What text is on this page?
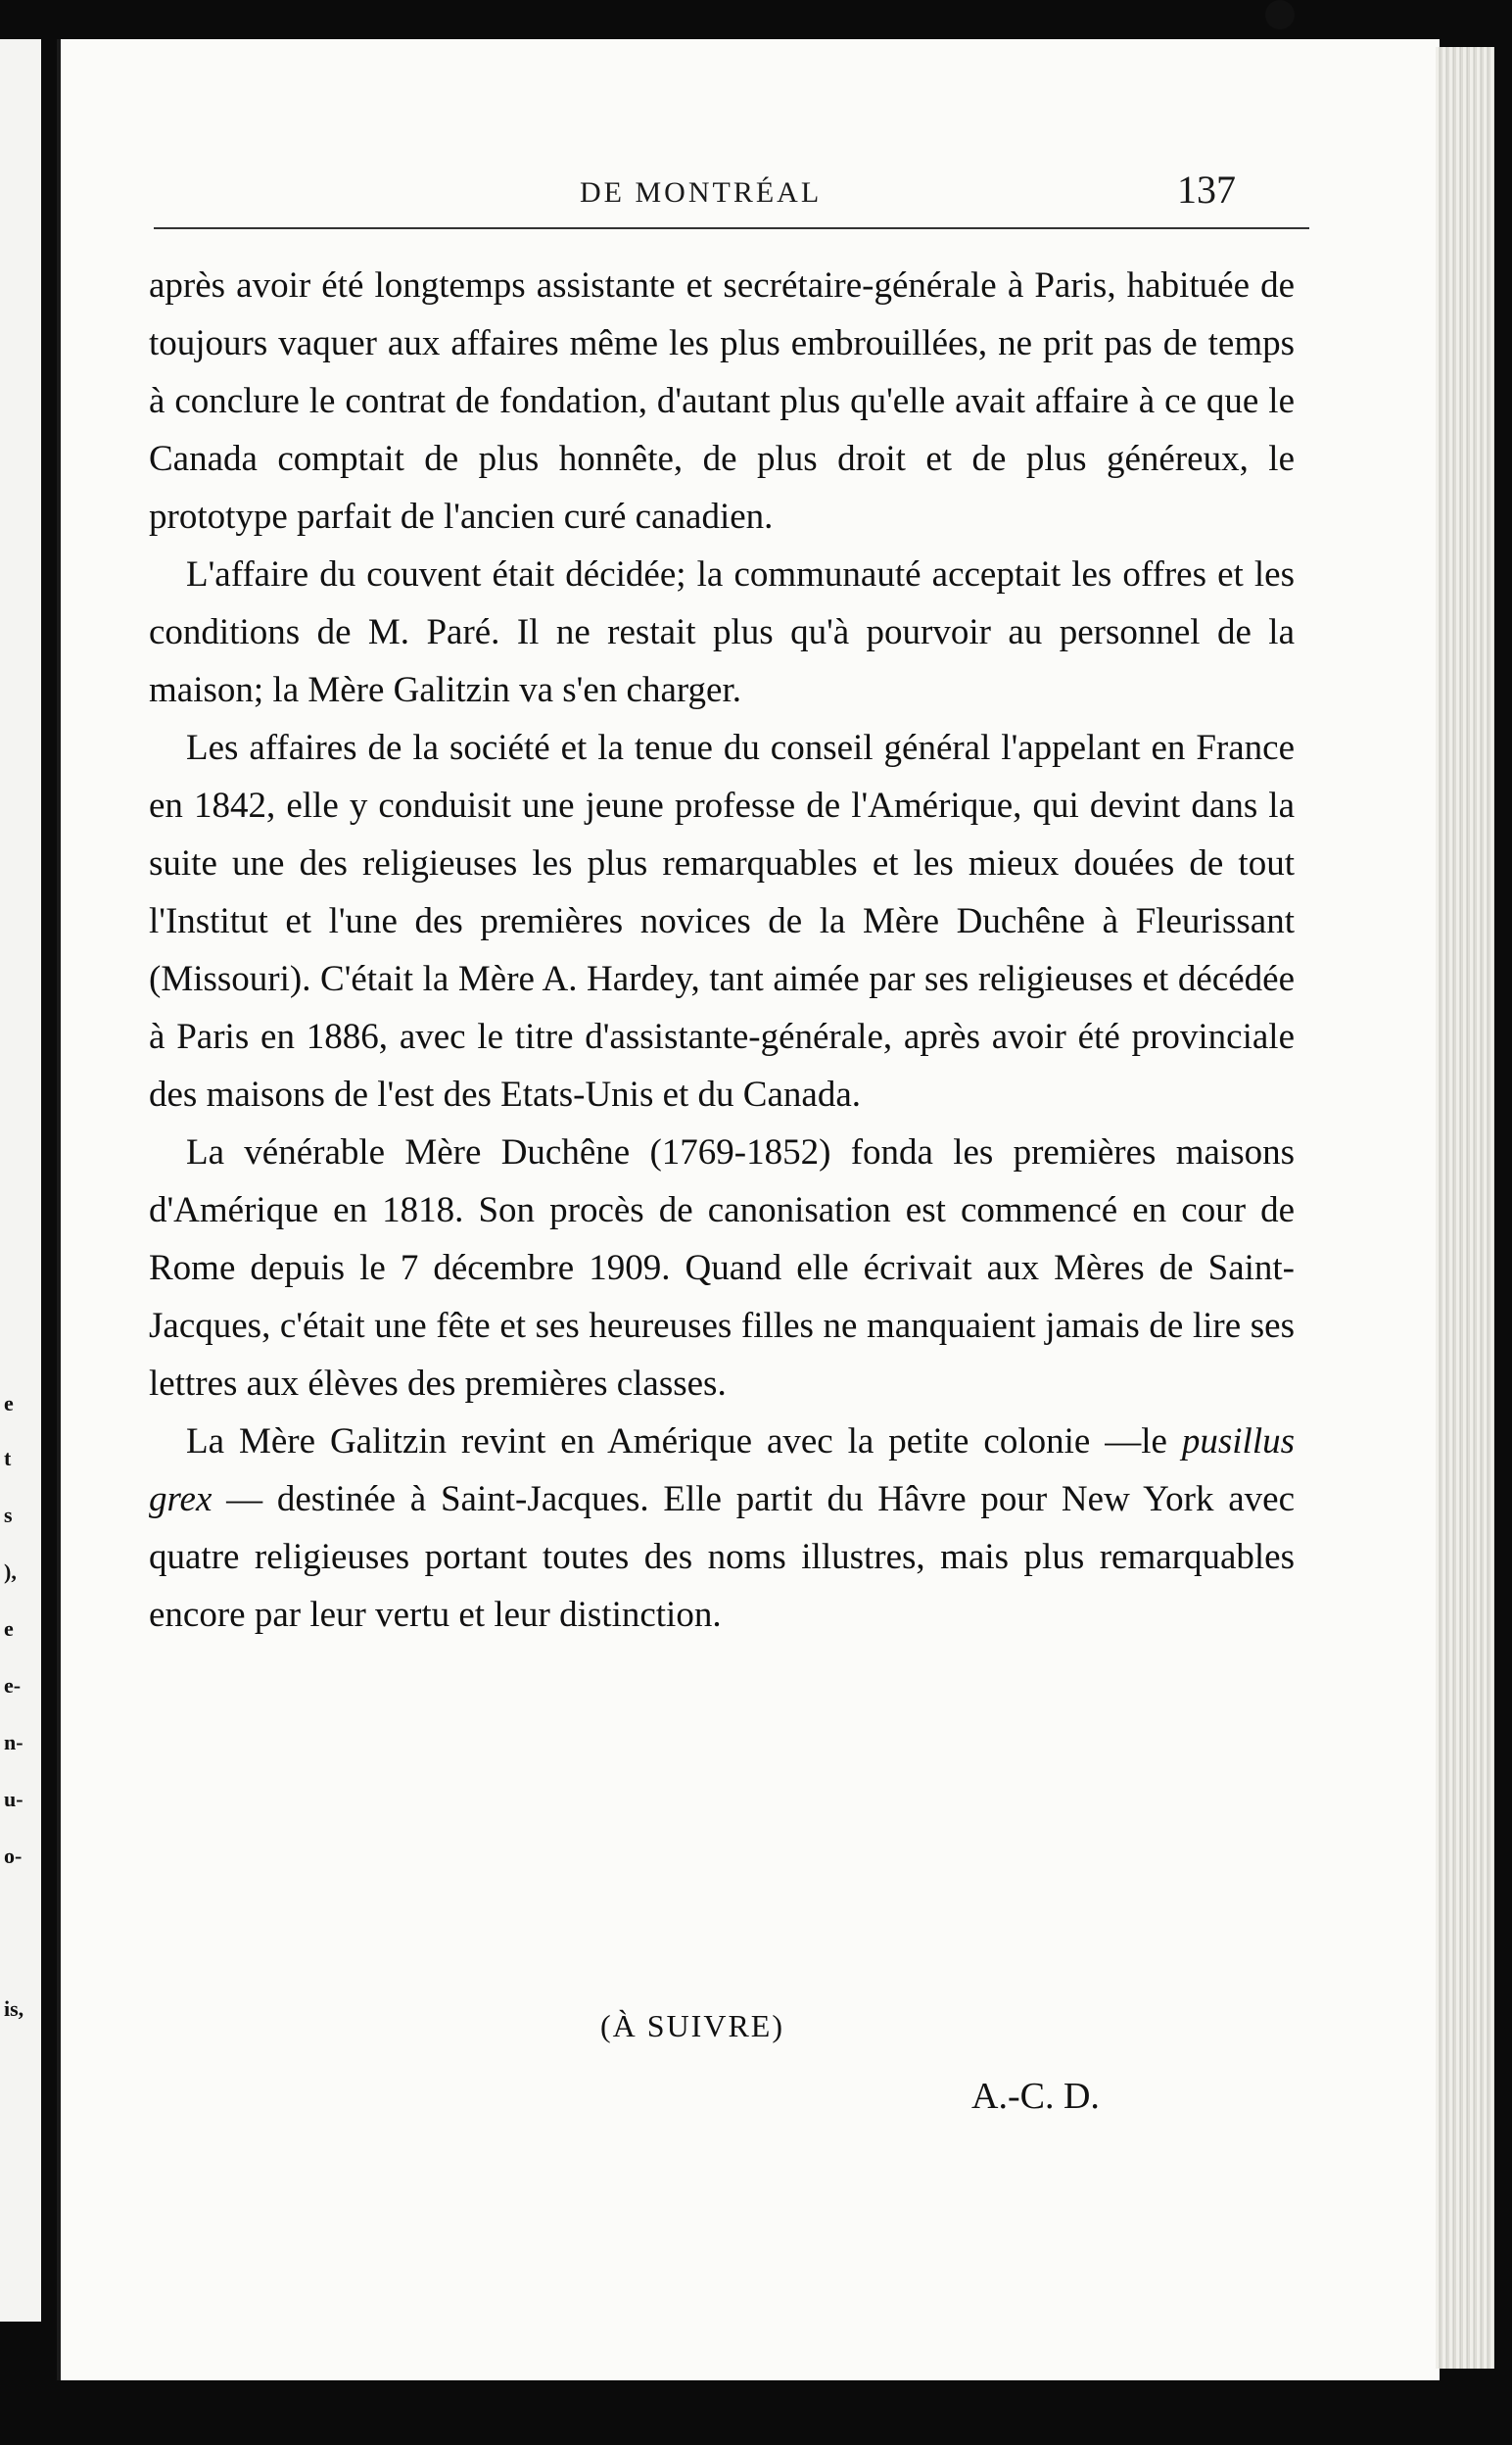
e
t
s
),
e
e-
n-
u-
o-
is,
DE MONTRÉAL	137

après avoir été longtemps assistante et secrétaire-générale à Paris, habituée de toujours vaquer aux affaires même les plus embrouillées, ne prit pas de temps à conclure le contrat de fondation, d'autant plus qu'elle avait affaire à ce que le Canada comptait de plus honnête, de plus droit et de plus généreux, le prototype parfait de l'ancien curé canadien.

L'affaire du couvent était décidée; la communauté acceptait les offres et les conditions de M. Paré. Il ne restait plus qu'à pourvoir au personnel de la maison; la Mère Galitzin va s'en charger.

Les affaires de la société et la tenue du conseil général l'appelant en France en 1842, elle y conduisit une jeune professe de l'Amérique, qui devint dans la suite une des religieuses les plus remarquables et les mieux douées de tout l'Institut et l'une des premières novices de la Mère Duchêne à Fleurissant (Missouri). C'était la Mère A. Hardey, tant aimée par ses religieuses et décédée à Paris en 1886, avec le titre d'assistante-générale, après avoir été provinciale des maisons de l'est des Etats-Unis et du Canada.

La vénérable Mère Duchêne (1769-1852) fonda les premières maisons d'Amérique en 1818. Son procès de canonisation est commencé en cour de Rome depuis le 7 décembre 1909. Quand elle écrivait aux Mères de Saint-Jacques, c'était une fête et ses heureuses filles ne manquaient jamais de lire ses lettres aux élèves des premières classes.

La Mère Galitzin revint en Amérique avec la petite colonie —le pusillus grex — destinée à Saint-Jacques. Elle partit du Hâvre pour New York avec quatre religieuses portant toutes des noms illustres, mais plus remarquables encore par leur vertu et leur distinction.

(À SUIVRE)
A.-C. D.
